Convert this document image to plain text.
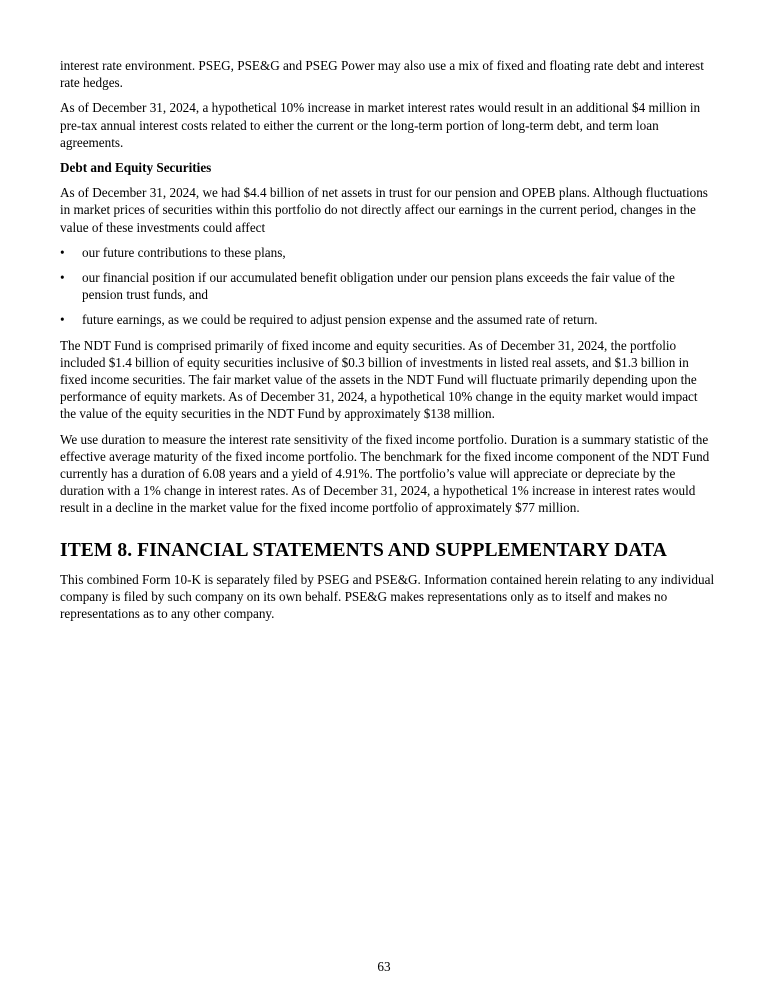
interest rate environment. PSEG, PSE&G and PSEG Power may also use a mix of fixed and floating rate debt and interest rate hedges.

As of December 31, 2024, a hypothetical 10% increase in market interest rates would result in an additional $4 million in pre-tax annual interest costs related to either the current or the long-term portion of long-term debt, and term loan agreements.

Debt and Equity Securities

As of December 31, 2024, we had $4.4 billion of net assets in trust for our pension and OPEB plans. Although fluctuations in market prices of securities within this portfolio do not directly affect our earnings in the current period, changes in the value of these investments could affect

•	our future contributions to these plans,
•	our financial position if our accumulated benefit obligation under our pension plans exceeds the fair value of the pension trust funds, and
•	future earnings, as we could be required to adjust pension expense and the assumed rate of return.

The NDT Fund is comprised primarily of fixed income and equity securities. As of December 31, 2024, the portfolio included $1.4 billion of equity securities inclusive of $0.3 billion of investments in listed real assets, and $1.3 billion in fixed income securities. The fair market value of the assets in the NDT Fund will fluctuate primarily depending upon the performance of equity markets. As of December 31, 2024, a hypothetical 10% change in the equity market would impact the value of the equity securities in the NDT Fund by approximately $138 million.

We use duration to measure the interest rate sensitivity of the fixed income portfolio. Duration is a summary statistic of the effective average maturity of the fixed income portfolio. The benchmark for the fixed income component of the NDT Fund currently has a duration of 6.08 years and a yield of 4.91%. The portfolio’s value will appreciate or depreciate by the duration with a 1% change in interest rates. As of December 31, 2024, a hypothetical 1% increase in interest rates would result in a decline in the market value for the fixed income portfolio of approximately $77 million.

ITEM 8. FINANCIAL STATEMENTS AND SUPPLEMENTARY DATA

This combined Form 10-K is separately filed by PSEG and PSE&G. Information contained herein relating to any individual company is filed by such company on its own behalf. PSE&G makes representations only as to itself and makes no representations as to any other company.

63
